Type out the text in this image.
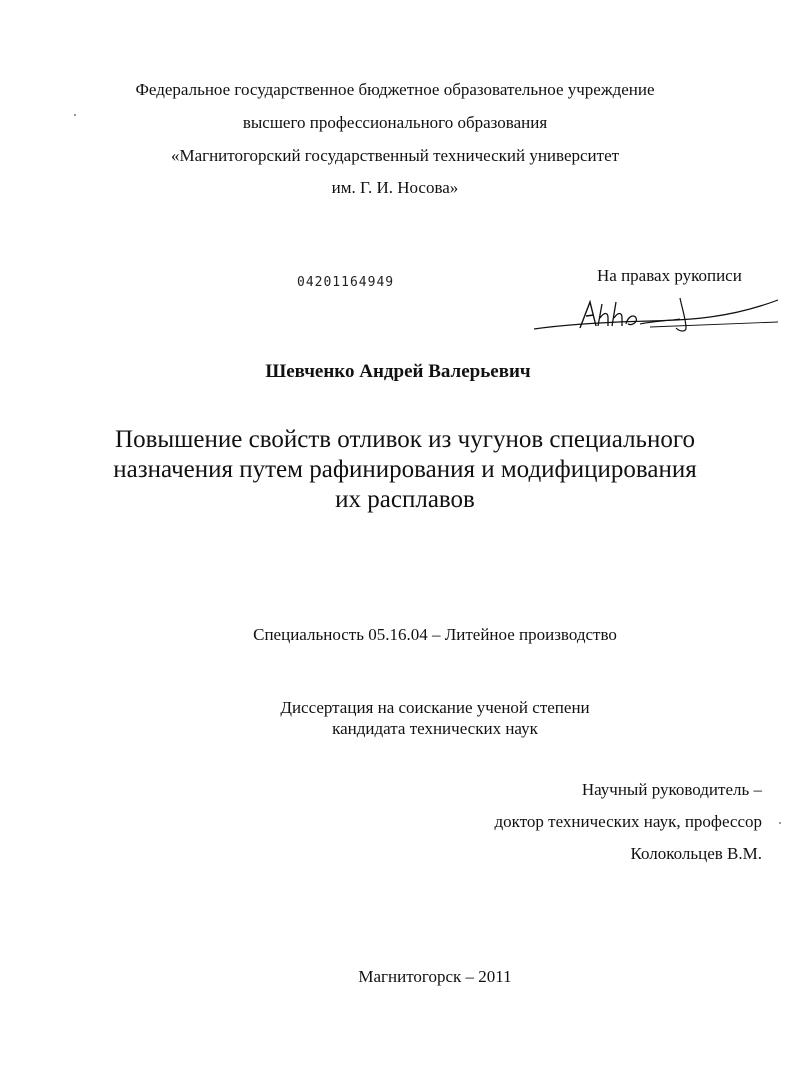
Федеральное государственное бюджетное образовательное учреждение
высшего профессионального образования
«Магнитогорский государственный технический университет
им. Г. И. Носова»
04201164949	На правах рукописи
Шевченко Андрей Валерьевич
Повышение свойств отливок из чугунов специального
назначения путем рафинирования и модифицирования
их расплавов
Специальность 05.16.04 – Литейное производство
Диссертация на соискание ученой степени
кандидата технических наук
Научный руководитель –
доктор технических наук, профессор
Колокольцев В.М.
Магнитогорск – 2011
